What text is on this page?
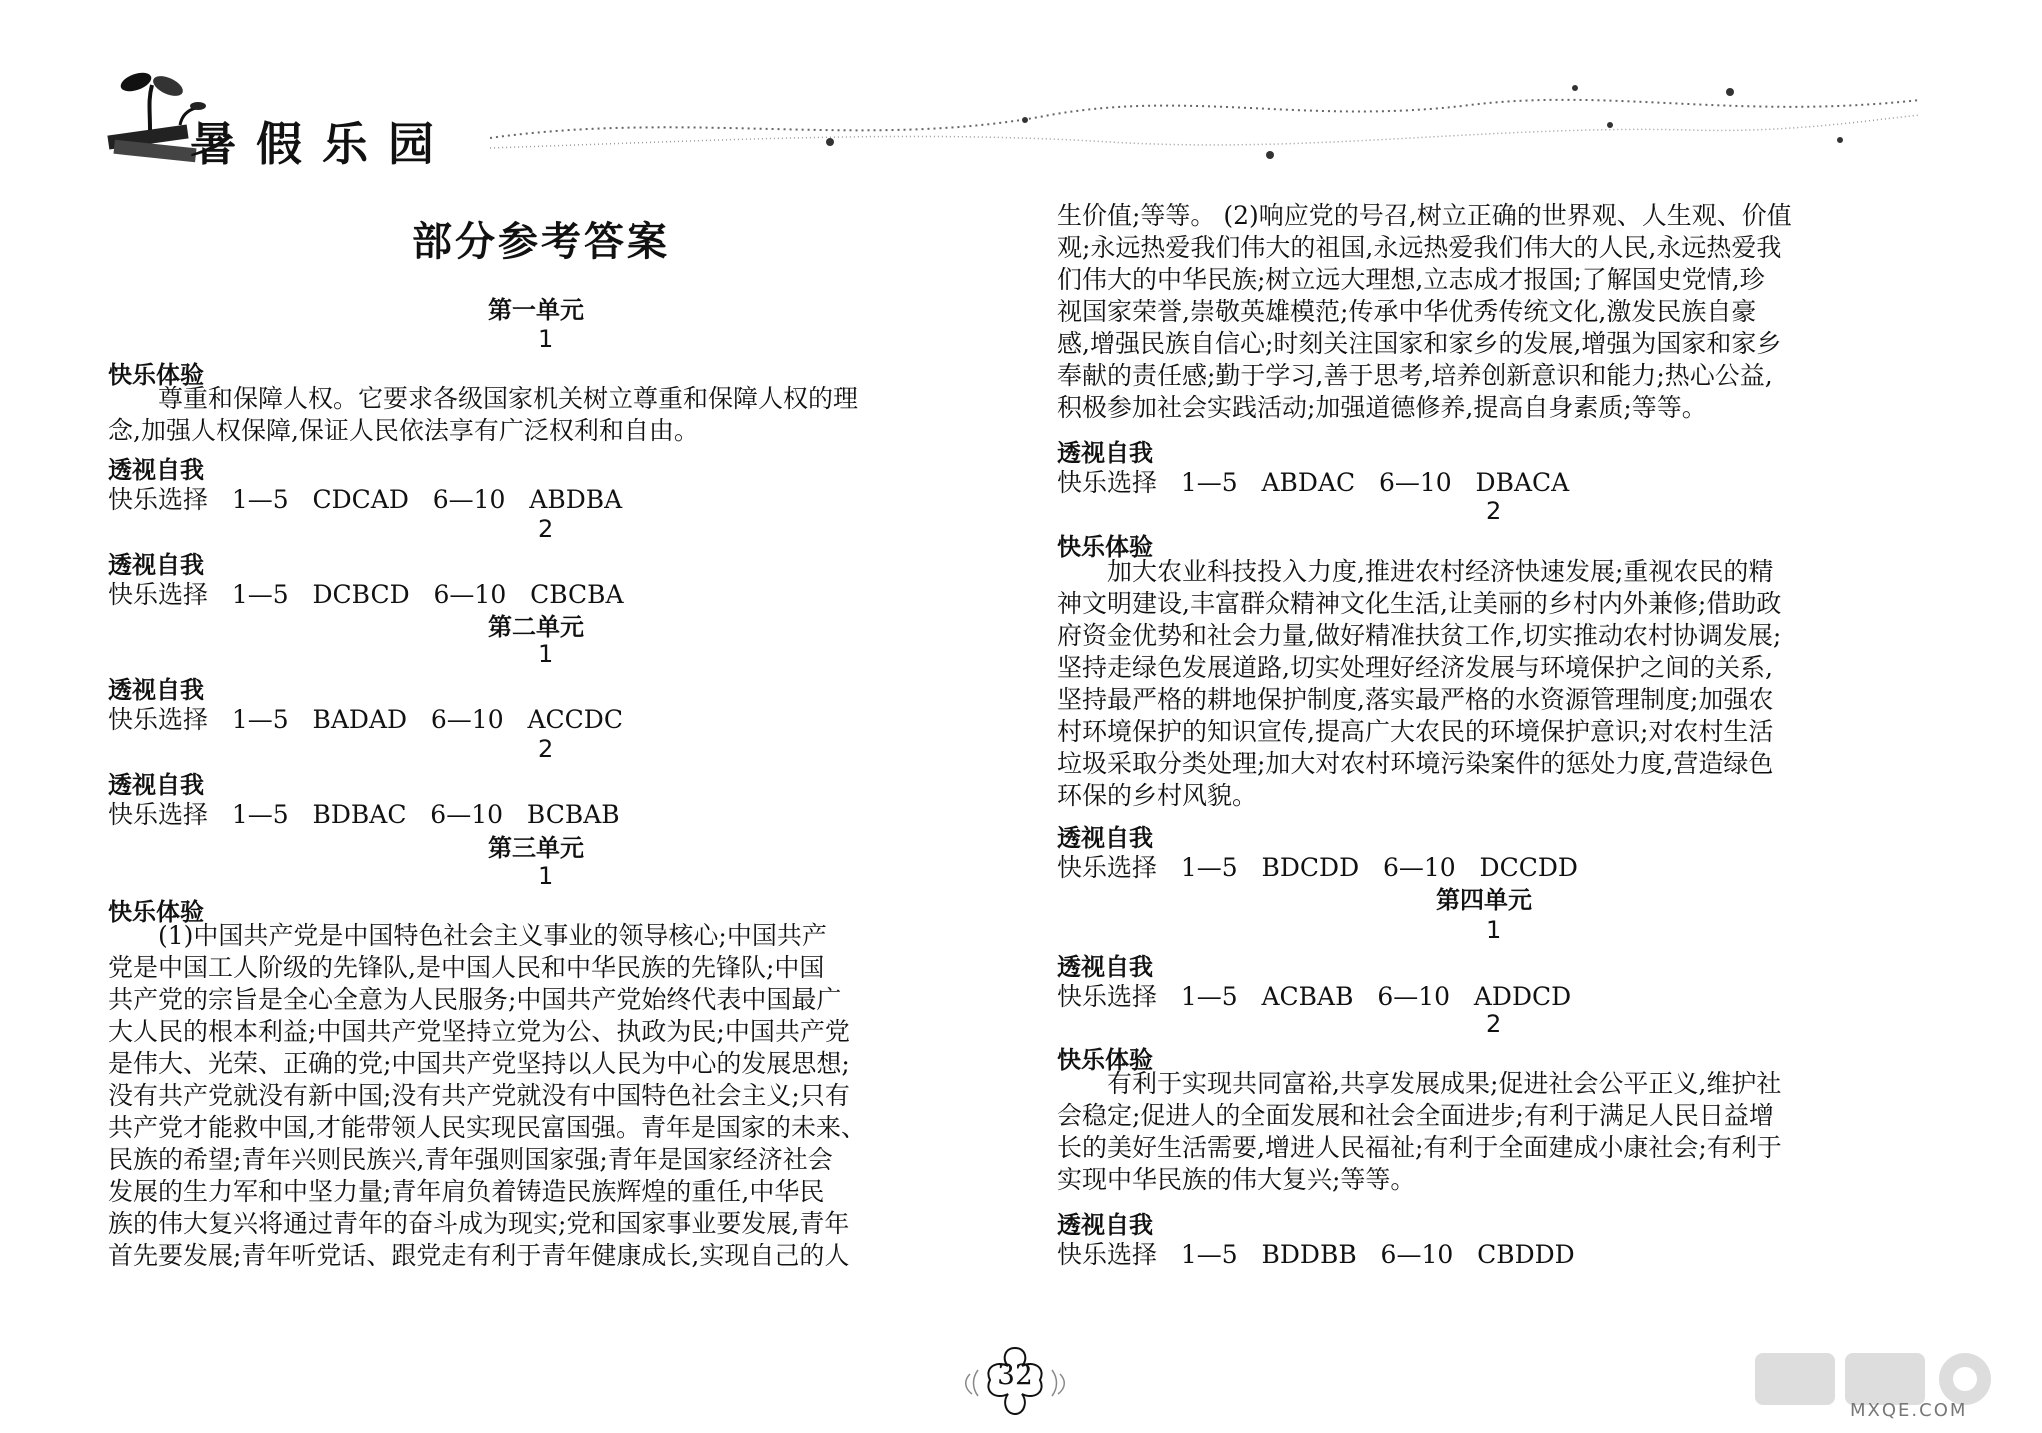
暑假乐园
部分参考答案
第一单元
1
快乐体验
尊重和保障人权。它要求各级国家机关树立尊重和保障人权的理
念,加强人权保障,保证人民依法享有广泛权利和自由。
透视自我
快乐选择   1—5   CDCAD   6—10   ABDBA
2
透视自我
快乐选择   1—5   DCBCD   6—10   CBCBA
第二单元
1
透视自我
快乐选择   1—5   BADAD   6—10   ACCDC
2
透视自我
快乐选择   1—5   BDBAC   6—10   BCBAB
第三单元
1
快乐体验
(1)中国共产党是中国特色社会主义事业的领导核心;中国共产
党是中国工人阶级的先锋队,是中国人民和中华民族的先锋队;中国
共产党的宗旨是全心全意为人民服务;中国共产党始终代表中国最广
大人民的根本利益;中国共产党坚持立党为公、执政为民;中国共产党
是伟大、光荣、正确的党;中国共产党坚持以人民为中心的发展思想;
没有共产党就没有新中国;没有共产党就没有中国特色社会主义;只有
共产党才能救中国,才能带领人民实现民富国强。青年是国家的未来、
民族的希望;青年兴则民族兴,青年强则国家强;青年是国家经济社会
发展的生力军和中坚力量;青年肩负着铸造民族辉煌的重任,中华民
族的伟大复兴将通过青年的奋斗成为现实;党和国家事业要发展,青年
首先要发展;青年听党话、跟党走有利于青年健康成长,实现自己的人
生价值;等等。 (2)响应党的号召,树立正确的世界观、人生观、价值
观;永远热爱我们伟大的祖国,永远热爱我们伟大的人民,永远热爱我
们伟大的中华民族;树立远大理想,立志成才报国;了解国史党情,珍
视国家荣誉,崇敬英雄模范;传承中华优秀传统文化,激发民族自豪
感,增强民族自信心;时刻关注国家和家乡的发展,增强为国家和家乡
奉献的责任感;勤于学习,善于思考,培养创新意识和能力;热心公益,
积极参加社会实践活动;加强道德修养,提高自身素质;等等。
透视自我
快乐选择   1—5   ABDAC   6—10   DBACA
2
快乐体验
加大农业科技投入力度,推进农村经济快速发展;重视农民的精
神文明建设,丰富群众精神文化生活,让美丽的乡村内外兼修;借助政
府资金优势和社会力量,做好精准扶贫工作,切实推动农村协调发展;
坚持走绿色发展道路,切实处理好经济发展与环境保护之间的关系,
坚持最严格的耕地保护制度,落实最严格的水资源管理制度;加强农
村环境保护的知识宣传,提高广大农民的环境保护意识;对农村生活
垃圾采取分类处理;加大对农村环境污染案件的惩处力度,营造绿色
环保的乡村风貌。
透视自我
快乐选择   1—5   BDCDD   6—10   DCCDD
第四单元
1
透视自我
快乐选择   1—5   ACBAB   6—10   ADDCD
2
快乐体验
有利于实现共同富裕,共享发展成果;促进社会公平正义,维护社
会稳定;促进人的全面发展和社会全面进步;有利于满足人民日益增
长的美好生活需要,增进人民福祉;有利于全面建成小康社会;有利于
实现中华民族的伟大复兴;等等。
透视自我
快乐选择   1—5   BDDBB   6—10   CBDDD
32
MXQE.COM
